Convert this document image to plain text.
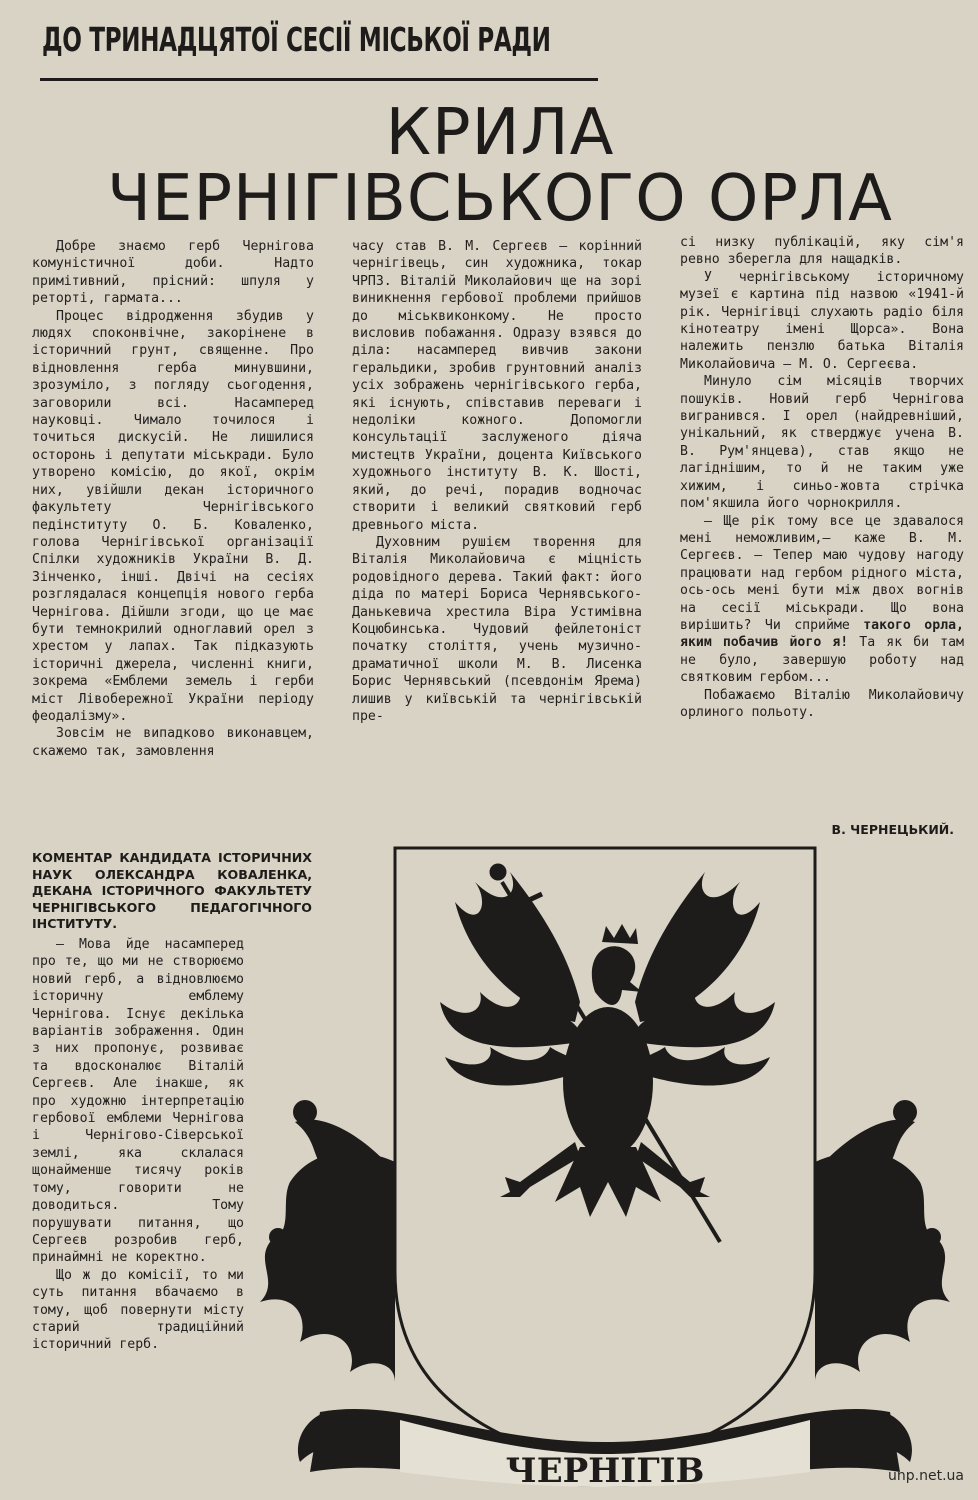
ДО ТРИНАДЦЯТОЇ СЕСІЇ МІСЬКОЇ РАДИ
КРИЛА
ЧЕРНІГІВСЬКОГО ОРЛА

Добре знаємо герб Чернігова комуністичної доби. Надто примітивний, прісний: шпуля у реторті, гармата...

Процес відродження збудив у людях споконвічне, закорінене в історичний грунт, священне. Про відновлення герба минувшини, зрозуміло, з погляду сьогодення, заговорили всі. Насамперед науковці. Чимало точилося і точиться дискусій. Не лишилися осторонь і депутати міськради. Було утворено комісію, до якої, окрім них, увійшли декан історичного факультету Чернігівського педінституту О. Б. Коваленко, голова Чернігівської організації Спілки художників України В. Д. Зінченко, інші. Двічі на сесіях розглядалася концепція нового герба Чернігова. Дійшли згоди, що це має бути темнокрилий одноглавий орел з хрестом у лапах. Так підказують історичні джерела, численні книги, зокрема «Емблеми земель і герби міст Лівобережної України періоду феодалізму».

Зовсім не випадково виконавцем, скажемо так, замовлення

часу став В. М. Сергеєв — корінний чернігівець, син художника, токар ЧРПЗ. Віталій Миколайович ще на зорі виникнення гербової проблеми прийшов до міськвиконкому. Не просто висловив побажання. Одразу взявся до діла: насамперед вивчив закони геральдики, зробив грунтовний аналіз усіх зображень чернігівського герба, які існують, співставив переваги і недоліки кожного. Допомогли консультації заслуженого діяча мистецтв України, доцента Київського художнього інституту В. К. Шості, який, до речі, порадив водночас створити і великий святковий герб древнього міста.

Духовним рушієм творення для Віталія Миколайовича є міцність родовідного дерева. Такий факт: його діда по матері Бориса Чернявського-Данькевича хрестила Віра Устимівна Коцюбинська. Чудовий фейлетоніст початку століття, учень музично-драматичної школи М. В. Лисенка Борис Чернявський (псевдонім Ярема) лишив у київській та чернігівській пре-

сі низку публікацій, яку сім'я ревно зберегла для нащадків.

У чернігівському історичному музеї є картина під назвою «1941-й рік. Чернігівці слухають радіо біля кінотеатру імені Щорса». Вона належить пензлю батька Віталія Миколайовича — М. О. Сергеєва.

Минуло сім місяців творчих пошуків. Новий герб Чернігова вигранився. І орел (найдревніший, унікальний, як стверджує учена В. В. Рум'янцева), став якщо не лагіднішим, то й не таким уже хижим, і синьо-жовта стрічка пом'якшила його чорнокрилля.

— Ще рік тому все це здавалося мені неможливим,— каже В. М. Сергеєв. — Тепер маю чудову нагоду працювати над гербом рідного міста, ось-ось мені бути між двох вогнів на сесії міськради. Що вона вирішить? Чи сприйме такого орла, яким побачив його я! Та як би там не було, завершую роботу над святковим гербом...

Побажаємо Віталію Миколайовичу орлиного польоту.

В. ЧЕРНЕЦЬКИЙ.
КОМЕНТАР КАНДИДАТА ІСТОРИЧНИХ НАУК ОЛЕКСАНДРА КОВАЛЕНКА, ДЕКАНА ІСТОРИЧНОГО ФАКУЛЬТЕТУ ЧЕРНІГІВСЬКОГО ПЕДАГОГІЧНОГО ІНСТИТУТУ.

— Мова йде насамперед про те, що ми не створюємо новий герб, а відновлюємо історичну емблему Чернігова. Існує декілька варіантів зображення. Один з них пропонує, розвиває та вдосконалює Віталій Сергеєв. Але інакше, як про художню інтерпретацію гербової емблеми Чернігова і Чернігово-Сіверської землі, яка склалася щонайменше тисячу років тому, говорити не доводиться. Тому порушувати питання, що Сергеєв розробив герб, принаймні не коректно.

Що ж до комісії, то ми суть питання вбачаємо в тому, щоб повернути місту старий традиційний історичний герб.

ЧЕРНІГІВ	unp.net.ua
